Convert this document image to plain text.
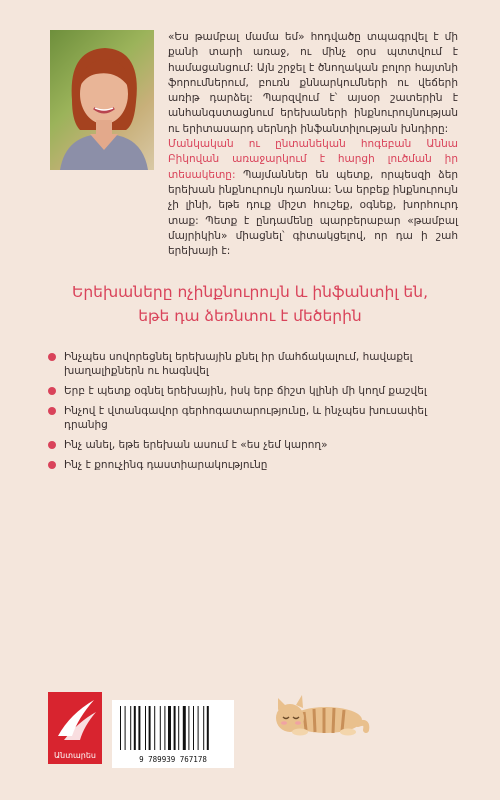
«Ես թամբալ մամա եմ» հոդվածը տպագրվել է մի քանի տարի առաջ, ու մինչ օրս պտտվում է համացանցում: Այն շրջել է ծնողական բոլոր հայտնի ֆորումներում, բուռն քննարկումների ու վեճերի առիթ դարձել: Պարզվում է՝ այսօր շատերին է անհանգստացնում երեխաների ինքնուրույնության ու երիտասարդ սերնդի ինֆանտիլության խնդիրը:

Մանկական ու ընտանեկան հոգեբան Աննա Բիկովան առաջարկում է հարցի լուծման իր տեսակետը: Պայմաններ են պետք, որպեսզի ձեր երեխան ինքնուրույն դառնա: Նա երբեք ինքնուրույն չի լինի, եթե դուք միշտ հուշեք, օգնեք, խորհուրդ տաք: Պետք է ընդամենը պարբերաբար «թամբալ մայրիկին» միացնել՝ գիտակցելով, որ դա ի շահ երեխայի է:

Երեխաները ոչինքնուրույն և ինֆանտիլ են,
եթե դա ձեռնտու է մեծերին
Ինչպես սովորեցնել երեխային քնել իր մահճակալում, հավաքել խաղալիքներն ու հագնվել
Երբ է պետք օգնել երեխային, իսկ երբ ճիշտ կլինի մի կողմ քաշվել
Ինչով է վտանգավոր գերհոգատարությունը, և ինչպես խուսափել դրանից
Ինչ անել, եթե երեխան ասում է «ես չեմ կարող»
Ինչ է քոուչինգ դաստիարակությունը
Անտարես	9 789939 767178
